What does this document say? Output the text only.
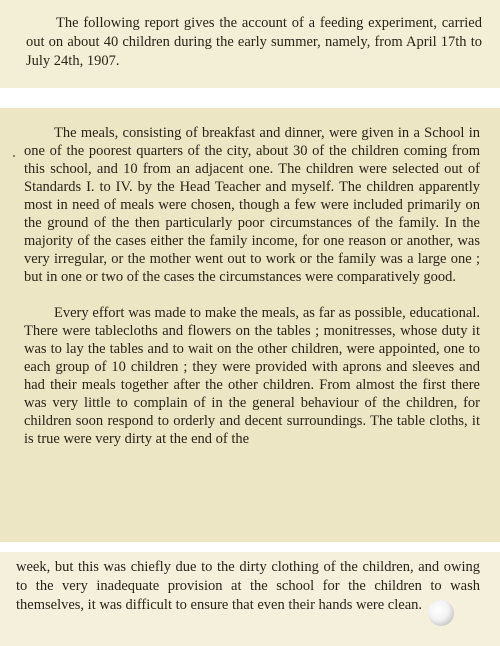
The following report gives the account of a feeding experiment, carried out on about 40 children during the early summer, namely, from April 17th to July 24th, 1907.

The meals, consisting of breakfast and dinner, were given in a School in one of the poorest quarters of the city, about 30 of the children coming from this school, and 10 from an adjacent one. The children were selected out of Standards I. to IV. by the Head Teacher and myself. The children apparently most in need of meals were chosen, though a few were included primarily on the ground of the then particularly poor circumstances of the family. In the majority of the cases either the family income, for one reason or another, was very irregular, or the mother went out to work or the family was a large one ; but in one or two of the cases the circumstances were comparatively good.

Every effort was made to make the meals, as far as possible, educational. There were tablecloths and flowers on the tables ; monitresses, whose duty it was to lay the tables and to wait on the other children, were appointed, one to each group of 10 children ; they were provided with aprons and sleeves and had their meals together after the other children. From almost the first there was very little to complain of in the general behaviour of the children, for children soon respond to orderly and decent surroundings. The table cloths, it is true were very dirty at the end of the

week, but this was chiefly due to the dirty clothing of the children, and owing to the very inadequate provision at the school for the children to wash themselves, it was difficult to ensure that even their hands were clean.
